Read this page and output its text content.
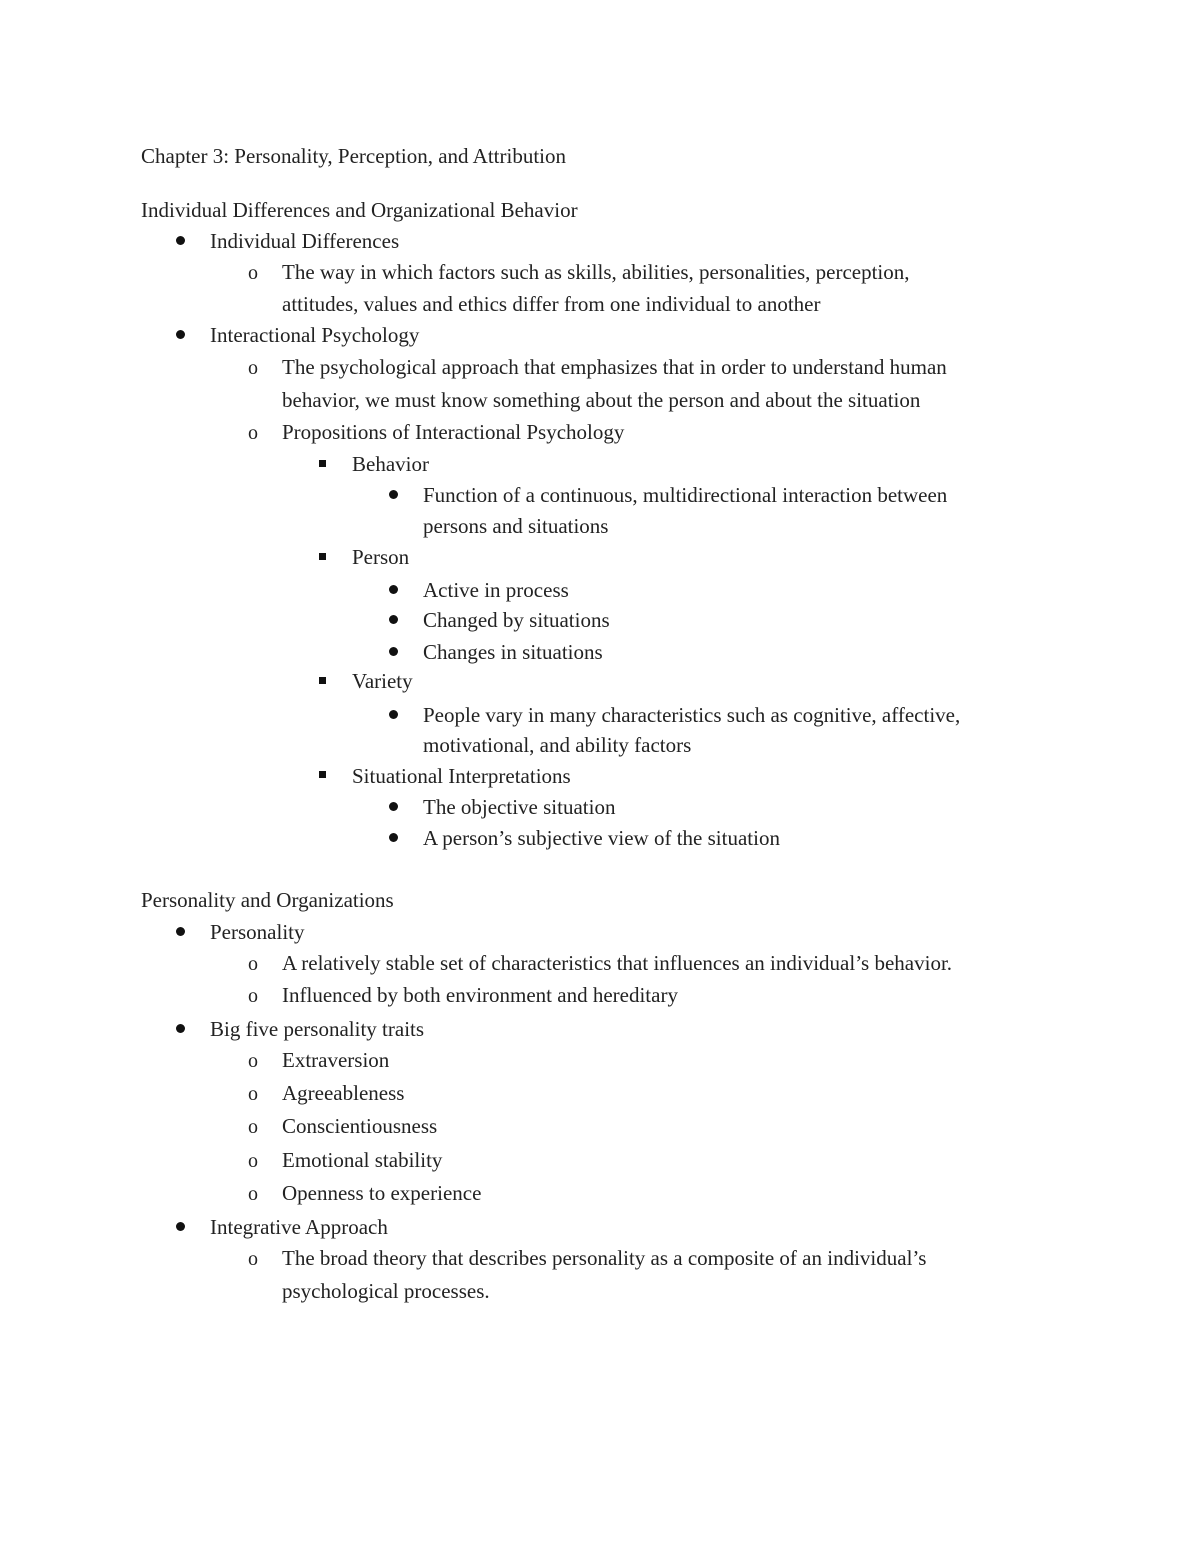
Chapter 3: Personality, Perception, and Attribution
Individual Differences and Organizational Behavior
Individual Differences
o The way in which factors such as skills, abilities, personalities, perception,
attitudes, values and ethics differ from one individual to another
Interactional Psychology
o The psychological approach that emphasizes that in order to understand human
behavior, we must know something about the person and about the situation
o Propositions of Interactional Psychology
Behavior
Function of a continuous, multidirectional interaction between
persons and situations
Person
Active in process
Changed by situations
Changes in situations
Variety
People vary in many characteristics such as cognitive, affective,
motivational, and ability factors
Situational Interpretations
The objective situation
A person’s subjective view of the situation
Personality and Organizations
Personality
o A relatively stable set of characteristics that influences an individual’s behavior.
o Influenced by both environment and hereditary
Big five personality traits
o Extraversion
o Agreeableness
o Conscientiousness
o Emotional stability
o Openness to experience
Integrative Approach
o The broad theory that describes personality as a composite of an individual’s
psychological processes.
